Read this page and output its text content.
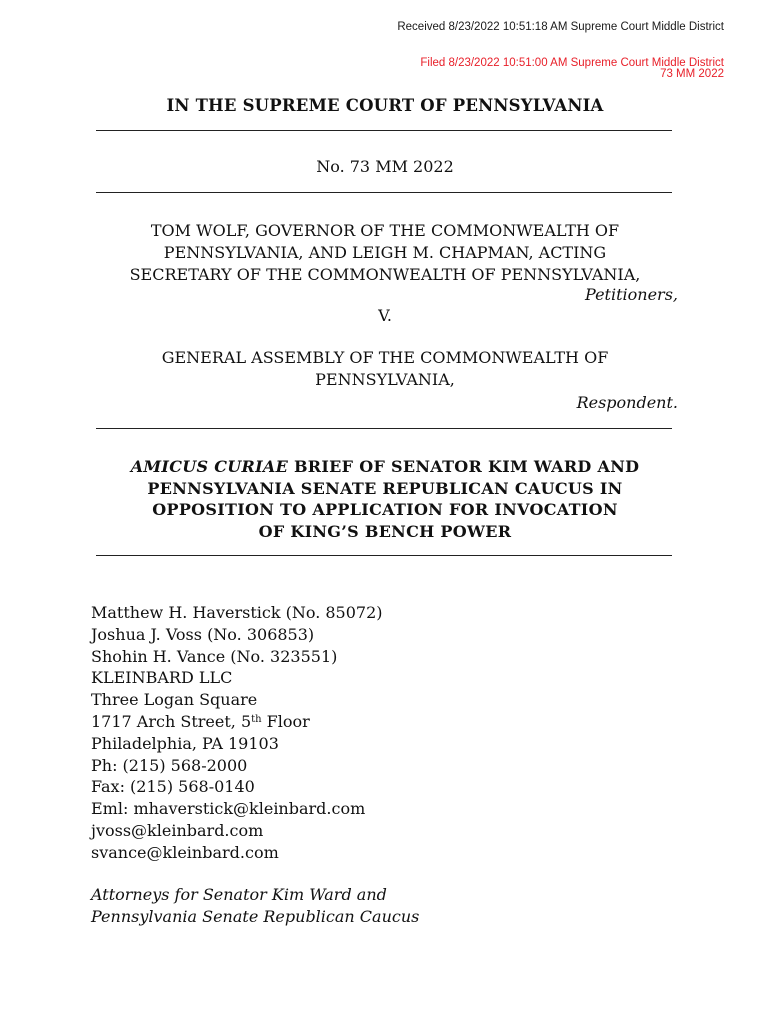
Received 8/23/2022 10:51:18 AM Supreme Court Middle District
Filed 8/23/2022 10:51:00 AM Supreme Court Middle District
73 MM 2022
IN THE SUPREME COURT OF PENNSYLVANIA
No. 73 MM 2022
TOM WOLF, GOVERNOR OF THE COMMONWEALTH OF
PENNSYLVANIA, AND LEIGH M. CHAPMAN, ACTING
SECRETARY OF THE COMMONWEALTH OF PENNSYLVANIA,
Petitioners,
V.
GENERAL ASSEMBLY OF THE COMMONWEALTH OF
PENNSYLVANIA,
Respondent.
AMICUS CURIAE BRIEF OF SENATOR KIM WARD AND
PENNSYLVANIA SENATE REPUBLICAN CAUCUS IN
OPPOSITION TO APPLICATION FOR INVOCATION
OF KING’S BENCH POWER
Matthew H. Haverstick (No. 85072)
Joshua J. Voss (No. 306853)
Shohin H. Vance (No. 323551)
KLEINBARD LLC
Three Logan Square
1717 Arch Street, 5th Floor
Philadelphia, PA 19103
Ph: (215) 568-2000
Fax: (215) 568-0140
Eml: mhaverstick@kleinbard.com
jvoss@kleinbard.com
svance@kleinbard.com
Attorneys for Senator Kim Ward and
Pennsylvania Senate Republican Caucus
